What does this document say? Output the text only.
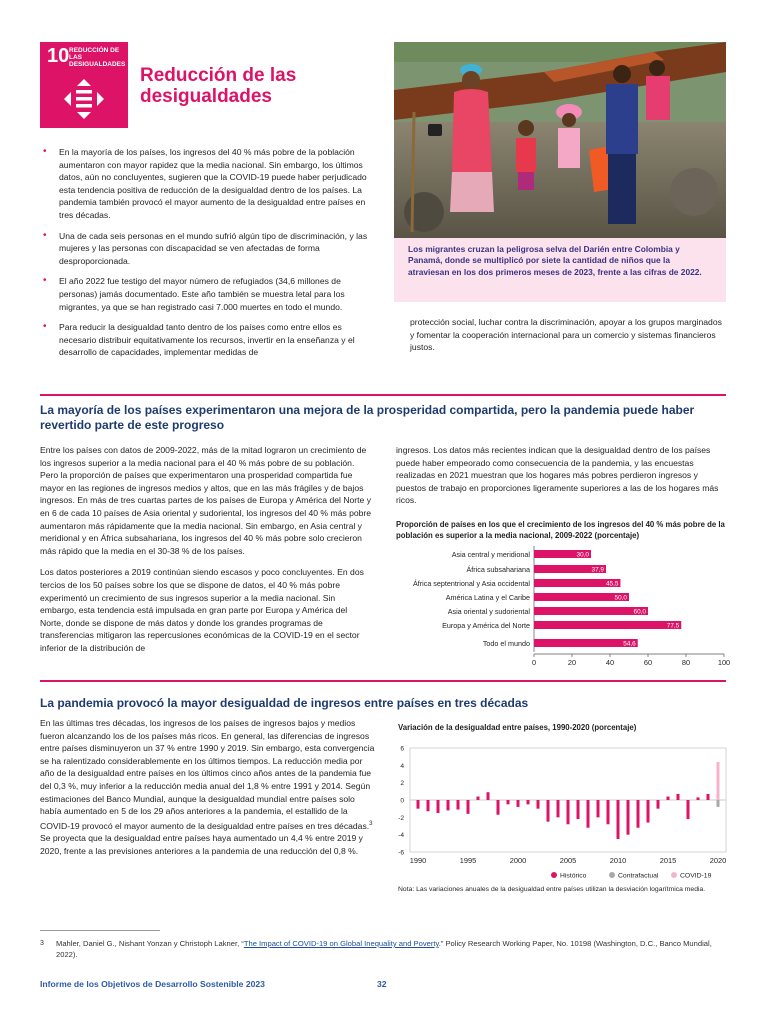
10 REDUCCIÓN DE LAS
DESIGUALDADES
Reducción de las
desigualdades
• En la mayoría de los países, los ingresos del 40 % más pobre de la población aumentaron con mayor rapidez que la media nacional. Sin embargo, los últimos datos, aún no concluyentes, sugieren que la COVID-19 puede haber perjudicado esta tendencia positiva de reducción de la desigualdad dentro de los países. La pandemia también provocó el mayor aumento de la desigualdad entre países en tres décadas.
• Una de cada seis personas en el mundo sufrió algún tipo de discriminación, y las mujeres y las personas con discapacidad se ven afectadas de forma desproporcionada.
• El año 2022 fue testigo del mayor número de refugiados (34,6 millones de personas) jamás documentado. Este año también se muestra letal para los migrantes, ya que se han registrado casi 7.000 muertes en todo el mundo.
• Para reducir la desigualdad tanto dentro de los países como entre ellos es necesario distribuir equitativamente los recursos, invertir en la enseñanza y el desarrollo de capacidades, implementar medidas de

Los migrantes cruzan la peligrosa selva del Darién entre Colombia y Panamá, donde se multiplicó por siete la cantidad de niños que la atraviesan en los dos primeros meses de 2023, frente a las cifras de 2022.

protección social, luchar contra la discriminación, apoyar a los grupos marginados y fomentar la cooperación internacional para un comercio y sistemas financieros justos.
La mayoría de los países experimentaron una mejora de la prosperidad compartida, pero la pandemia puede haber revertido parte de este progreso

Entre los países con datos de 2009-2022, más de la mitad lograron un crecimiento de los ingresos superior a la media nacional para el 40 % más pobre de su población. Pero la proporción de países que experimentaron una prosperidad compartida fue mayor en las regiones de ingresos medios y altos, que en las más frágiles y de bajos ingresos. En más de tres cuartas partes de los países de Europa y América del Norte y en 6 de cada 10 países de Asia oriental y sudoriental, los ingresos del 40 % más pobre aumentaron más rápidamente que la media nacional. Sin embargo, en Asia central y meridional y en África subsahariana, los ingresos del 40 % más pobre solo crecieron más rápido que la media en el 30-38 % de los países.

Los datos posteriores a 2019 continúan siendo escasos y poco concluyentes. En dos tercios de los 50 países sobre los que se dispone de datos, el 40 % más pobre experimentó un crecimiento de sus ingresos superior a la media nacional. Sin embargo, esta tendencia está impulsada en gran parte por Europa y América del Norte, donde se dispone de más datos y donde los grandes programas de transferencias mitigaron las repercusiones económicas de la COVID-19 en el sector inferior de la distribución de

ingresos. Los datos más recientes indican que la desigualdad dentro de los países puede haber empeorado como consecuencia de la pandemia, y las encuestas realizadas en 2021 muestran que los hogares más pobres perdieron ingresos y puestos de trabajo en proporciones ligeramente superiores a las de los hogares más ricos.

Proporción de países en los que el crecimiento de los ingresos del 40 % más pobre de la población es superior a la media nacional, 2009-2022 (porcentaje)
Asia central y meridional	30,0
África subsahariana	37,9
África septentrional y Asia occidental	45,5
América Latina y el Caribe	50,0
Asia oriental y sudoriental	60,0
Europa y América del Norte	77,5
Todo el mundo	54,6
0	20	40	60	80	100
La pandemia provocó la mayor desigualdad de ingresos entre países en tres décadas

En las últimas tres décadas, los ingresos de los países de ingresos bajos y medios fueron alcanzando los de los países más ricos. En general, las diferencias de ingresos entre países disminuyeron un 37 % entre 1990 y 2019. Sin embargo, esta convergencia se ha ralentizado considerablemente en los últimos tiempos. La reducción media por año de la desigualdad entre países en los últimos cinco años antes de la pandemia fue del 0,3 %, muy inferior a la reducción media anual del 1,8 % entre 1991 y 2014. Según estimaciones del Banco Mundial, aunque la desigualdad mundial entre países solo había aumentado en 5 de los 29 años anteriores a la pandemia, el estallido de la COVID-19 provocó el mayor aumento de la desigualdad entre países en tres décadas.$^3$ Se proyecta que la desigualdad entre países haya aumentado un 4,4 % entre 2019 y 2020, frente a las previsiones anteriores a la pandemia de una reducción del 0,8 %.

Variación de la desigualdad entre países, 1990-2020 (porcentaje)
-6
-4
-2
0
2
4
6
1990	1995	2000	2005	2010	2015	2020
Histórico	Contrafactual	COVID-19
Nota: Las variaciones anuales de la desigualdad entre países utilizan la desviación logarítmica media.
3	Mahler, Daniel G., Nishant Yonzan y Christoph Lakner, “The Impact of COVID-19 on Global Inequality and Poverty.” Policy Research Working Paper, No. 10198 (Washington, D.C., Banco Mundial, 2022).
Informe de los Objetivos de Desarrollo Sostenible 2023	32
